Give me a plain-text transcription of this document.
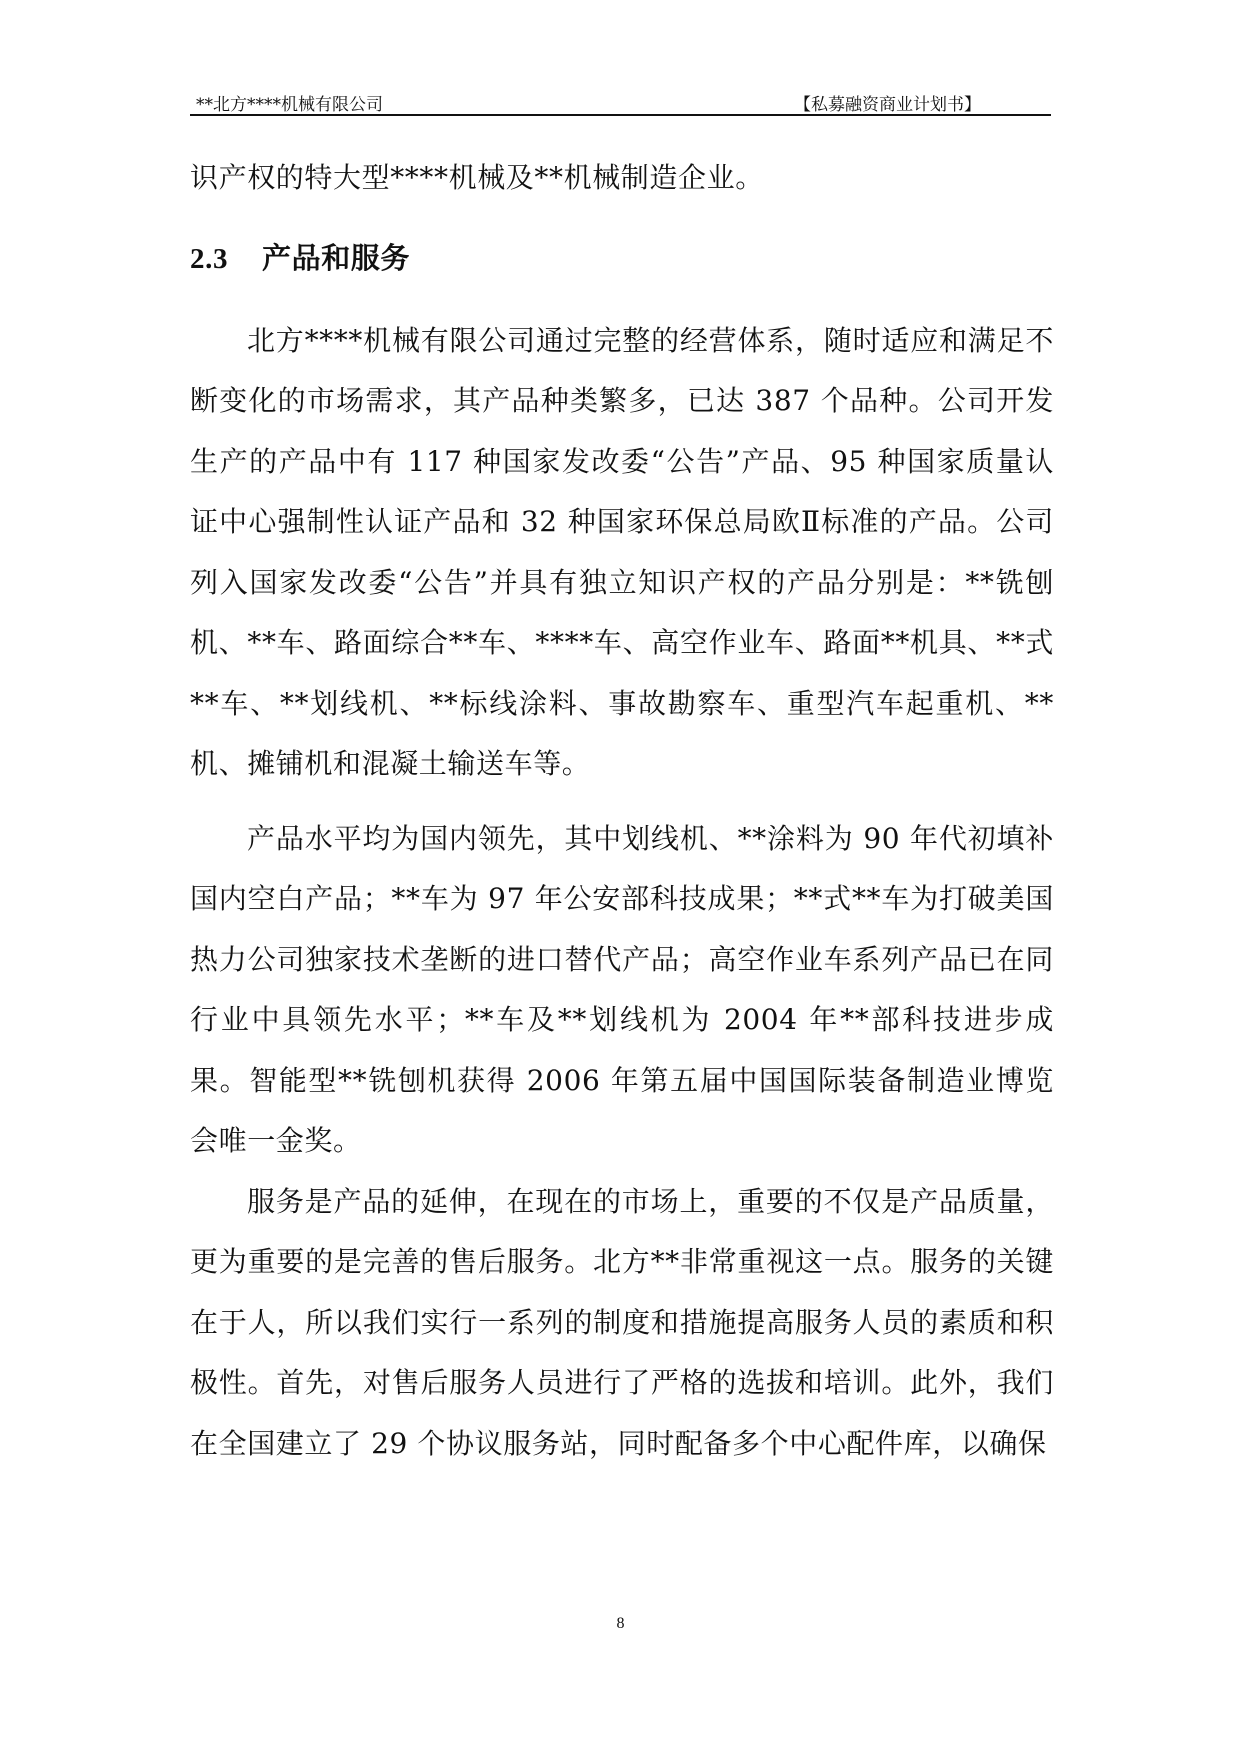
**北方****机械有限公司	【私募融资商业计划书】

识产权的特大型****机械及**机械制造企业。

2.3 产品和服务

北方****机械有限公司通过完整的经营体系，随时适应和满足不断变化的市场需求，其产品种类繁多，已达 387 个品种。公司开发生产的产品中有 117 种国家发改委“公告”产品、95 种国家质量认证中心强制性认证产品和 32 种国家环保总局欧Ⅱ标准的产品。公司列入国家发改委“公告”并具有独立知识产权的产品分别是：**铣刨机、**车、路面综合**车、****车、高空作业车、路面**机具、**式**车、**划线机、**标线涂料、事故勘察车、重型汽车起重机、**机、摊铺机和混凝土输送车等。

产品水平均为国内领先，其中划线机、**涂料为 90 年代初填补国内空白产品；**车为 97 年公安部科技成果；**式**车为打破美国热力公司独家技术垄断的进口替代产品；高空作业车系列产品已在同行业中具领先水平；**车及**划线机为 2004 年**部科技进步成果。智能型**铣刨机获得 2006 年第五届中国国际装备制造业博览会唯一金奖。

服务是产品的延伸，在现在的市场上，重要的不仅是产品质量，更为重要的是完善的售后服务。北方**非常重视这一点。服务的关键在于人，所以我们实行一系列的制度和措施提高服务人员的素质和积极性。首先，对售后服务人员进行了严格的选拔和培训。此外，我们在全国建立了 29 个协议服务站，同时配备多个中心配件库，以确保

8
